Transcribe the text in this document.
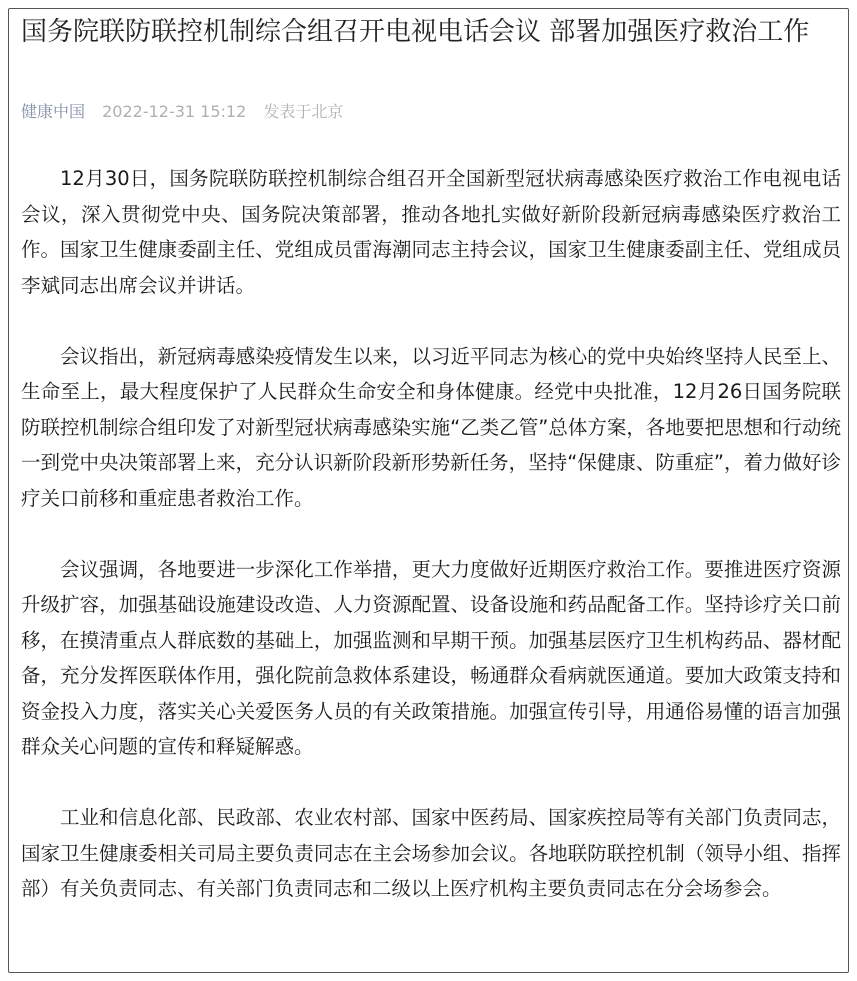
国务院联防联控机制综合组召开电视电话会议 部署加强医疗救治工作
健康中国 2022-12-31 15:12 发表于北京

12月30日，国务院联防联控机制综合组召开全国新型冠状病毒感染医疗救治工作电视电话会议，深入贯彻党中央、国务院决策部署，推动各地扎实做好新阶段新冠病毒感染医疗救治工作。国家卫生健康委副主任、党组成员雷海潮同志主持会议，国家卫生健康委副主任、党组成员李斌同志出席会议并讲话。

会议指出，新冠病毒感染疫情发生以来，以习近平同志为核心的党中央始终坚持人民至上、生命至上，最大程度保护了人民群众生命安全和身体健康。经党中央批准，12月26日国务院联防联控机制综合组印发了对新型冠状病毒感染实施“乙类乙管”总体方案，各地要把思想和行动统一到党中央决策部署上来，充分认识新阶段新形势新任务，坚持“保健康、防重症”，着力做好诊疗关口前移和重症患者救治工作。

会议强调，各地要进一步深化工作举措，更大力度做好近期医疗救治工作。要推进医疗资源升级扩容，加强基础设施建设改造、人力资源配置、设备设施和药品配备工作。坚持诊疗关口前移，在摸清重点人群底数的基础上，加强监测和早期干预。加强基层医疗卫生机构药品、器材配备，充分发挥医联体作用，强化院前急救体系建设，畅通群众看病就医通道。要加大政策支持和资金投入力度，落实关心关爱医务人员的有关政策措施。加强宣传引导，用通俗易懂的语言加强群众关心问题的宣传和释疑解惑。

工业和信息化部、民政部、农业农村部、国家中医药局、国家疾控局等有关部门负责同志，国家卫生健康委相关司局主要负责同志在主会场参加会议。各地联防联控机制（领导小组、指挥部）有关负责同志、有关部门负责同志和二级以上医疗机构主要负责同志在分会场参会。
